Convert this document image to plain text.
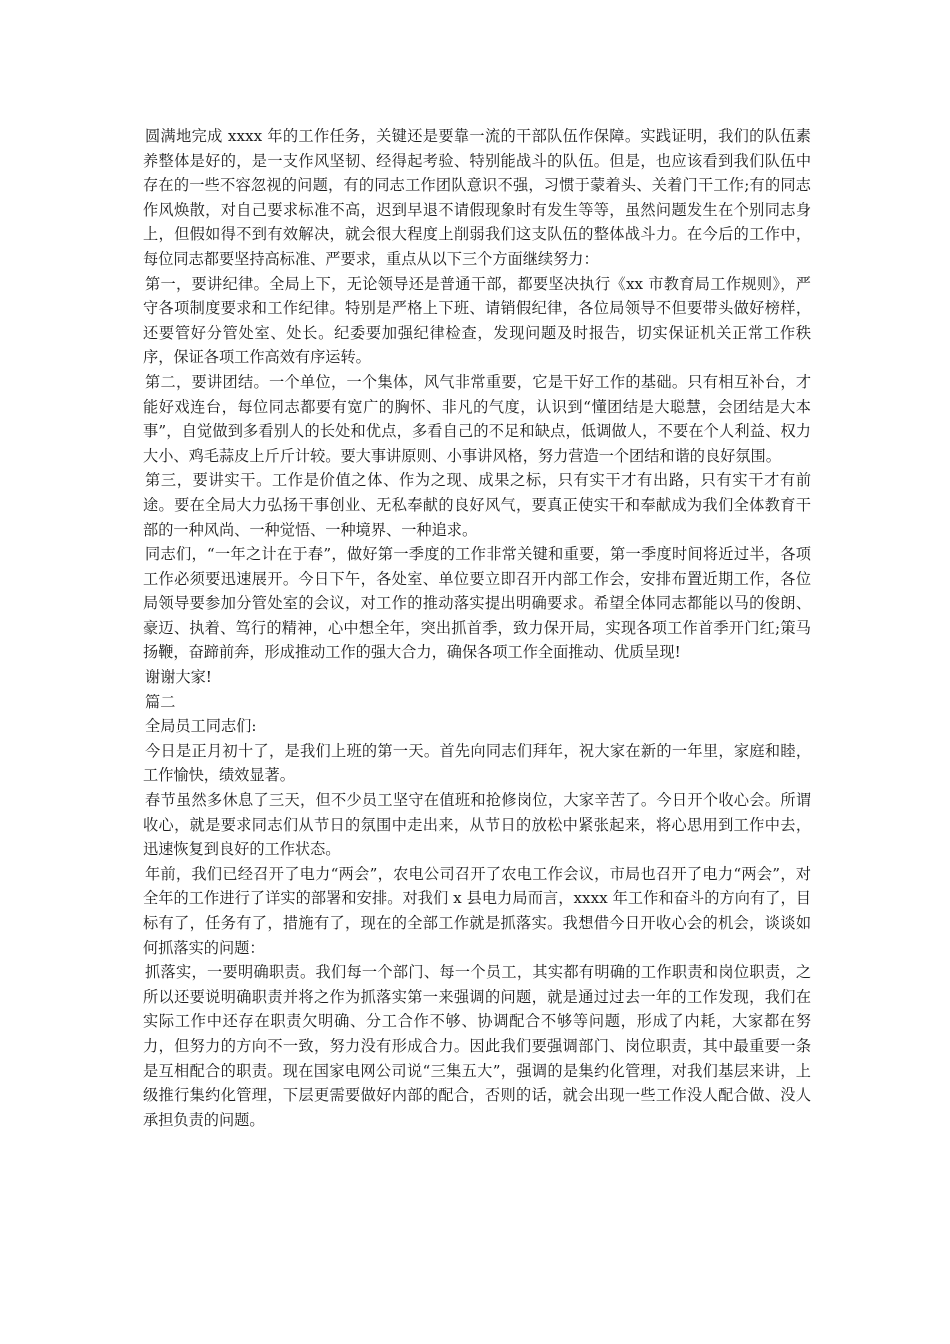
圆满地完成 xxxx 年的工作任务，关键还是要靠一流的干部队伍作保障。实践证明，我们的队伍素养整体是好的，是一支作风坚韧、经得起考验、特别能战斗的队伍。但是，也应该看到我们队伍中存在的一些不容忽视的问题，有的同志工作团队意识不强，习惯于蒙着头、关着门干工作;有的同志作风焕散，对自己要求标准不高，迟到早退不请假现象时有发生等等，虽然问题发生在个别同志身上，但假如得不到有效解决，就会很大程度上削弱我们这支队伍的整体战斗力。在今后的工作中，每位同志都要坚持高标准、严要求，重点从以下三个方面继续努力：

第一，要讲纪律。全局上下，无论领导还是普通干部，都要坚决执行《xx 市教育局工作规则》，严守各项制度要求和工作纪律。特别是严格上下班、请销假纪律，各位局领导不但要带头做好榜样，还要管好分管处室、处长。纪委要加强纪律检查，发现问题及时报告，切实保证机关正常工作秩序，保证各项工作高效有序运转。

第二，要讲团结。一个单位，一个集体，风气非常重要，它是干好工作的基础。只有相互补台，才能好戏连台，每位同志都要有宽广的胸怀、非凡的气度，认识到“懂团结是大聪慧，会团结是大本事”，自觉做到多看别人的长处和优点，多看自己的不足和缺点，低调做人，不要在个人利益、权力大小、鸡毛蒜皮上斤斤计较。要大事讲原则、小事讲风格，努力营造一个团结和谐的良好氛围。

第三，要讲实干。工作是价值之体、作为之现、成果之标，只有实干才有出路，只有实干才有前途。要在全局大力弘扬干事创业、无私奉献的良好风气，要真正使实干和奉献成为我们全体教育干部的一种风尚、一种觉悟、一种境界、一种追求。

同志们，“一年之计在于春”，做好第一季度的工作非常关键和重要，第一季度时间将近过半，各项工作必须要迅速展开。今日下午，各处室、单位要立即召开内部工作会，安排布置近期工作，各位局领导要参加分管处室的会议，对工作的推动落实提出明确要求。希望全体同志都能以马的俊朗、豪迈、执着、笃行的精神，心中想全年，突出抓首季，致力保开局，实现各项工作首季开门红;策马扬鞭，奋蹄前奔，形成推动工作的强大合力，确保各项工作全面推动、优质呈现!

谢谢大家!

篇二

全局员工同志们:

今日是正月初十了，是我们上班的第一天。首先向同志们拜年，祝大家在新的一年里，家庭和睦，工作愉快，绩效显著。

春节虽然多休息了三天，但不少员工坚守在值班和抢修岗位，大家辛苦了。今日开个收心会。所谓收心，就是要求同志们从节日的氛围中走出来，从节日的放松中紧张起来，将心思用到工作中去，迅速恢复到良好的工作状态。

年前，我们已经召开了电力“两会”，农电公司召开了农电工作会议，市局也召开了电力“两会”，对全年的工作进行了详实的部署和安排。对我们 x 县电力局而言，xxxx 年工作和奋斗的方向有了，目标有了，任务有了，措施有了，现在的全部工作就是抓落实。我想借今日开收心会的机会，谈谈如何抓落实的问题：

抓落实，一要明确职责。我们每一个部门、每一个员工，其实都有明确的工作职责和岗位职责，之所以还要说明确职责并将之作为抓落实第一来强调的问题，就是通过过去一年的工作发现，我们在实际工作中还存在职责欠明确、分工合作不够、协调配合不够等问题，形成了内耗，大家都在努力，但努力的方向不一致，努力没有形成合力。因此我们要强调部门、岗位职责，其中最重要一条是互相配合的职责。现在国家电网公司说“三集五大”，强调的是集约化管理，对我们基层来讲，上级推行集约化管理，下层更需要做好内部的配合，否则的话，就会出现一些工作没人配合做、没人承担负责的问题。
